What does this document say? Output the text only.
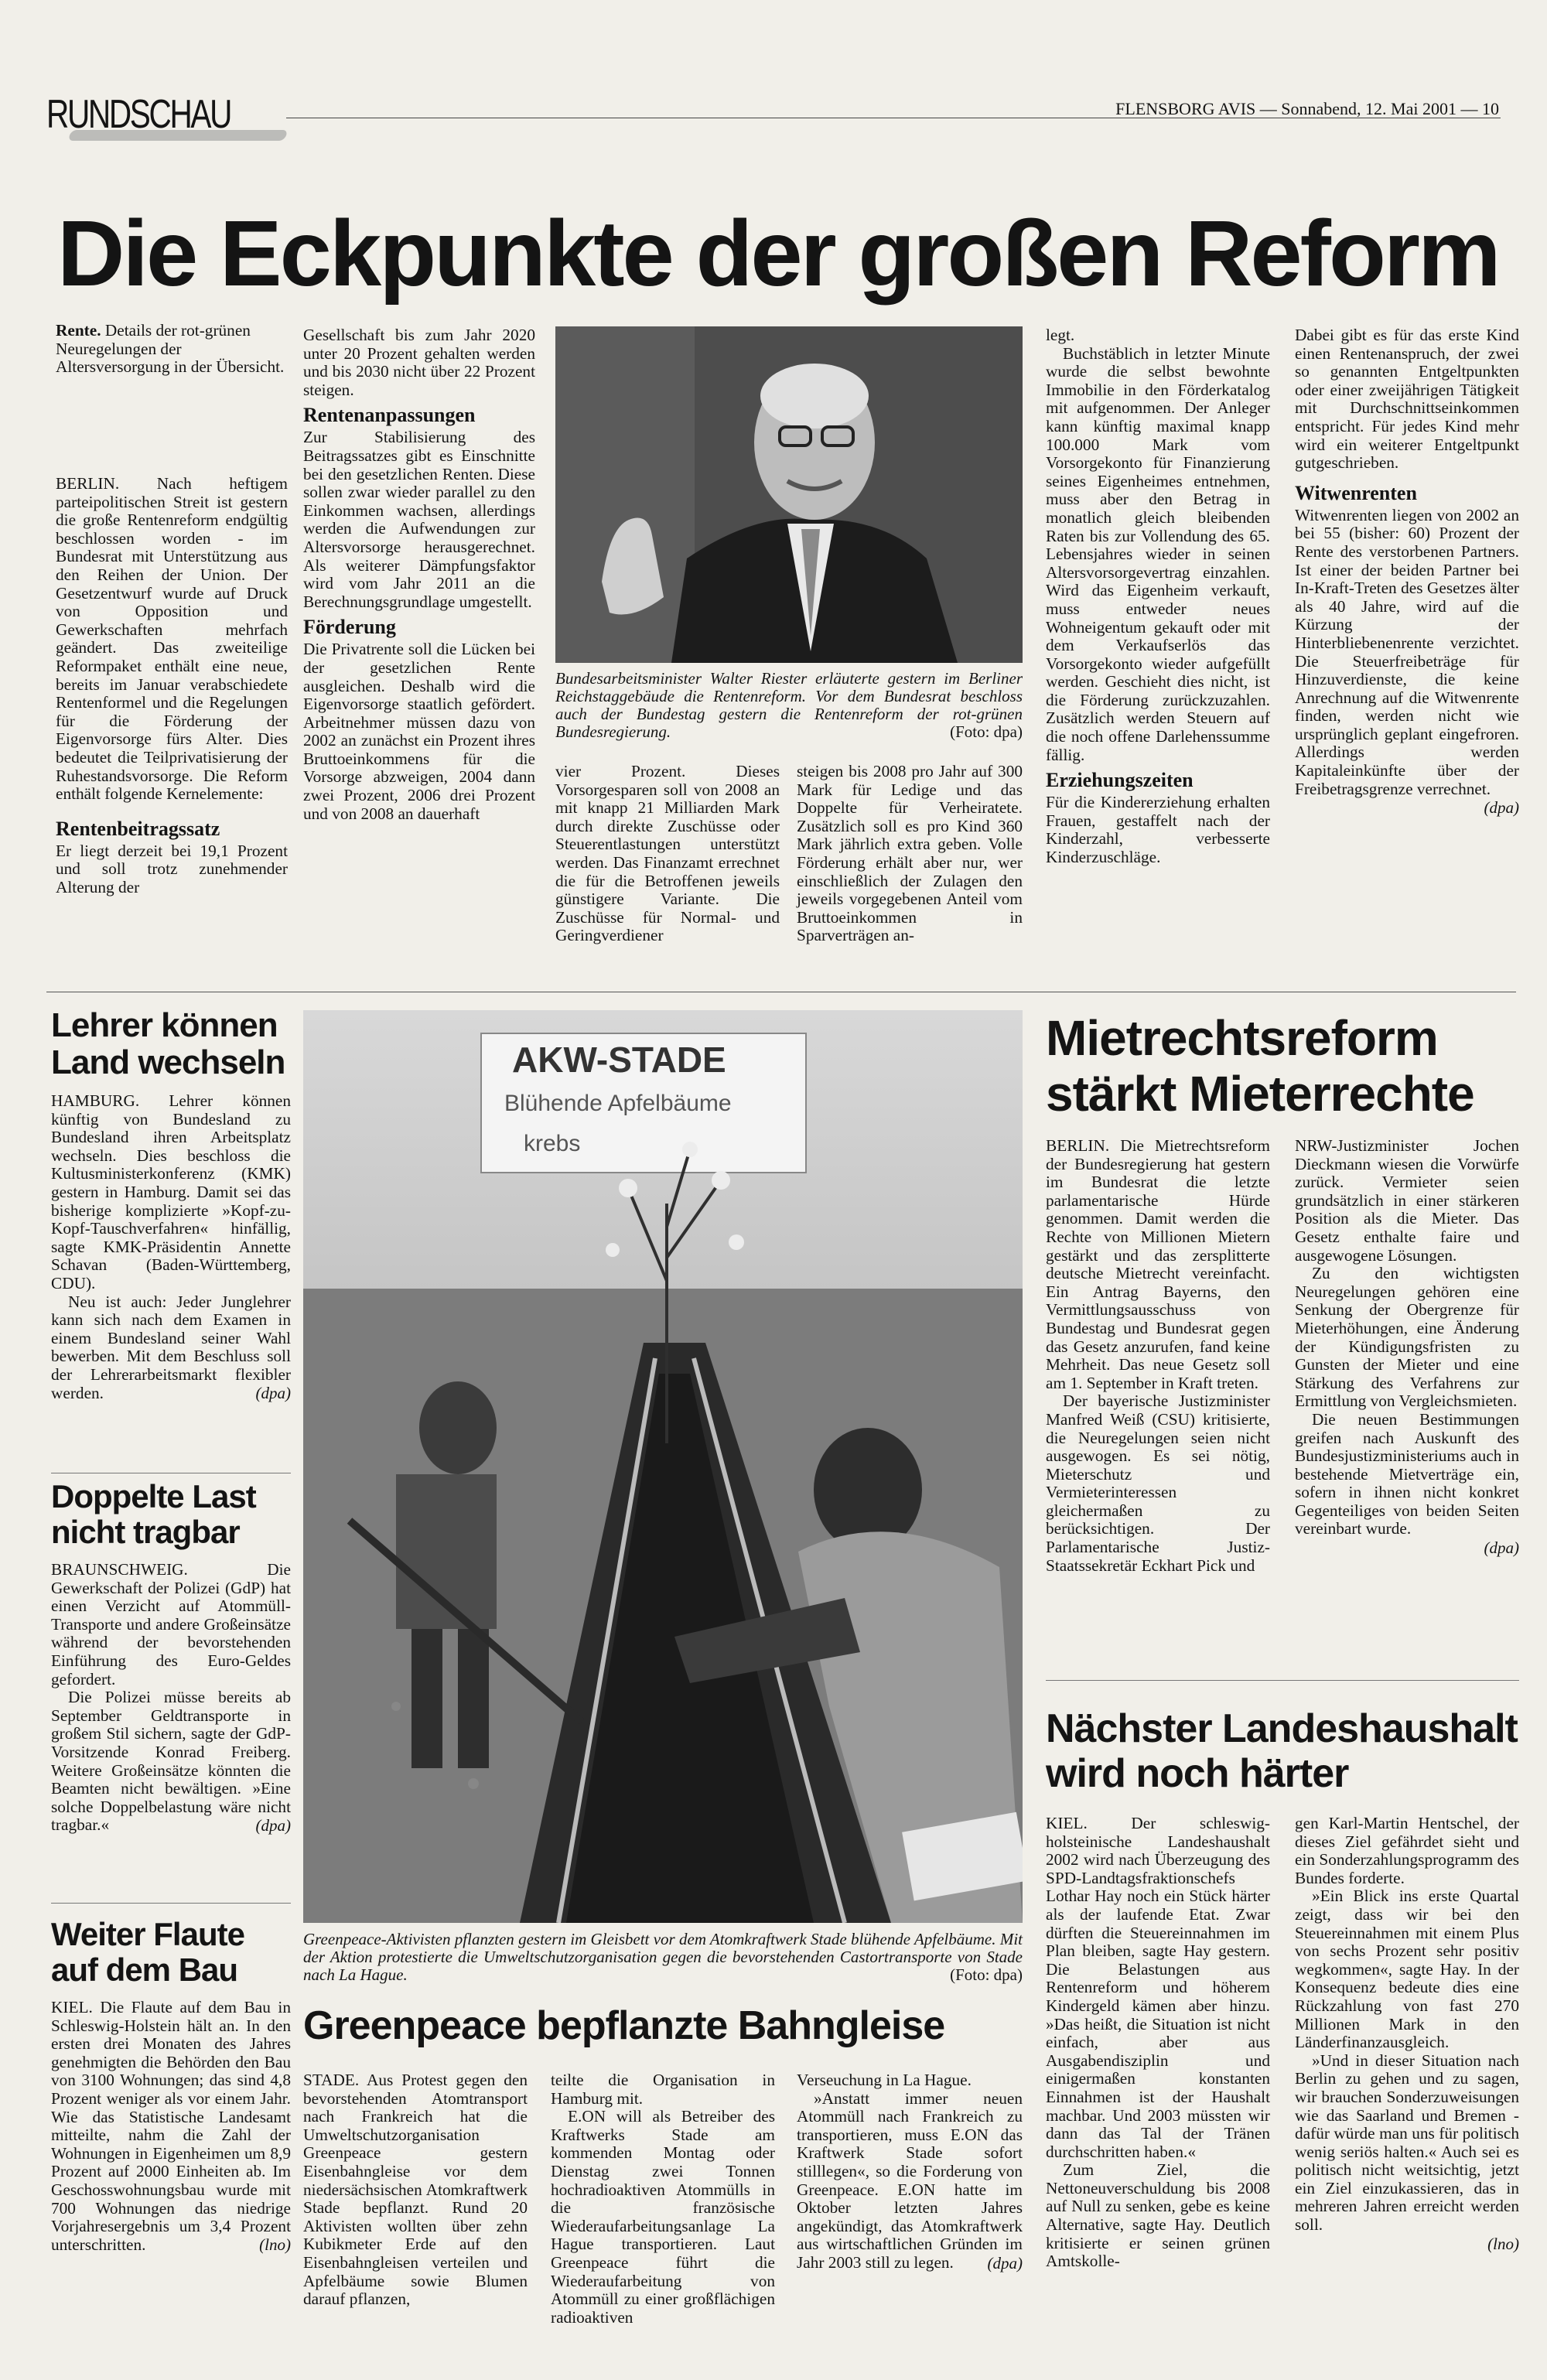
RUNDSCHAU	FLENSBORG AVIS — Sonnabend, 12. Mai 2001 — 10
Die Eckpunkte der großen Reform

Rente. Details der rot-grünen Neuregelungen der Altersversorgung in der Übersicht.

BERLIN. Nach heftigem parteipolitischen Streit ist gestern die große Rentenreform endgültig beschlossen worden - im Bundesrat mit Unterstützung aus den Reihen der Union. Der Gesetzentwurf wurde auf Druck von Opposition und Gewerkschaften mehrfach geändert. Das zweiteilige Reformpaket enthält eine neue, bereits im Januar verabschiedete Rentenformel und die Regelungen für die Förderung der Eigenvorsorge fürs Alter. Dies bedeutet die Teilprivatisierung der Ruhestandsvorsorge. Die Reform enthält folgende Kernelemente:

Rentenbeitragssatz

Er liegt derzeit bei 19,1 Prozent und soll trotz zunehmender Alterung der

Gesellschaft bis zum Jahr 2020 unter 20 Prozent gehalten werden und bis 2030 nicht über 22 Prozent steigen.

Rentenanpassungen

Zur Stabilisierung des Beitragssatzes gibt es Einschnitte bei den gesetzlichen Renten. Diese sollen zwar wieder parallel zu den Einkommen wachsen, allerdings werden die Aufwendungen zur Altersvorsorge herausgerechnet. Als weiterer Dämpfungsfaktor wird vom Jahr 2011 an die Berechnungsgrundlage umgestellt.

Förderung

Die Privatrente soll die Lücken bei der gesetzlichen Rente ausgleichen. Deshalb wird die Eigenvorsorge staatlich gefördert. Arbeitnehmer müssen dazu von 2002 an zunächst ein Prozent ihres Bruttoeinkommens für die Vorsorge abzweigen, 2004 dann zwei Prozent, 2006 drei Prozent und von 2008 an dauerhaft

Bundesarbeitsminister Walter Riester erläuterte gestern im Berliner Reichstaggebäude die Rentenreform. Vor dem Bundesrat beschloss auch der Bundestag gestern die Rentenreform der rot-grünen Bundesregierung.	(Foto: dpa)

vier Prozent. Dieses Vorsorgesparen soll von 2008 an mit knapp 21 Milliarden Mark durch direkte Zuschüsse oder Steuerentlastungen unterstützt werden. Das Finanzamt errechnet die für die Betroffenen jeweils günstigere Variante. Die Zuschüsse für Normal- und Geringverdiener

steigen bis 2008 pro Jahr auf 300 Mark für Ledige und das Doppelte für Verheiratete. Zusätzlich soll es pro Kind 360 Mark jährlich extra geben. Volle Förderung erhält aber nur, wer einschließlich der Zulagen den jeweils vorgegebenen Anteil vom Bruttoeinkommen in Sparverträgen an-

legt.

Buchstäblich in letzter Minute wurde die selbst bewohnte Immobilie in den Förderkatalog mit aufgenommen. Der Anleger kann künftig maximal knapp 100.000 Mark vom Vorsorgekonto für Finanzierung seines Eigenheimes entnehmen, muss aber den Betrag in monatlich gleich bleibenden Raten bis zur Vollendung des 65. Lebensjahres wieder in seinen Altersvorsorgevertrag einzahlen. Wird das Eigenheim verkauft, muss entweder neues Wohneigentum gekauft oder mit dem Verkaufserlös das Vorsorgekonto wieder aufgefüllt werden. Geschieht dies nicht, ist die Förderung zurückzuzahlen. Zusätzlich werden Steuern auf die noch offene Darlehenssumme fällig.

Erziehungszeiten

Für die Kindererziehung erhalten Frauen, gestaffelt nach der Kinderzahl, verbesserte Kinderzuschläge.

Dabei gibt es für das erste Kind einen Rentenanspruch, der zwei so genannten Entgeltpunkten oder einer zweijährigen Tätigkeit mit Durchschnittseinkommen entspricht. Für jedes Kind mehr wird ein weiterer Entgeltpunkt gutgeschrieben.

Witwenrenten

Witwenrenten liegen von 2002 an bei 55 (bisher: 60) Prozent der Rente des verstorbenen Partners. Ist einer der beiden Partner bei In-Kraft-Treten des Gesetzes älter als 40 Jahre, wird auf die Kürzung der Hinterbliebenenrente verzichtet. Die Steuerfreibeträge für Hinzuverdienste, die keine Anrechnung auf die Witwenrente finden, werden nicht wie ursprünglich geplant eingefroren. Allerdings werden Kapitaleinkünfte über der Freibetragsgrenze verrechnet.

(dpa)
Lehrer können Land wechseln

HAMBURG. Lehrer können künftig von Bundesland zu Bundesland ihren Arbeitsplatz wechseln. Dies beschloss die Kultusministerkonferenz (KMK) gestern in Hamburg. Damit sei das bisherige komplizierte »Kopf-zu-Kopf-Tauschverfahren« hinfällig, sagte KMK-Präsidentin Annette Schavan (Baden-Württemberg, CDU).

Neu ist auch: Jeder Junglehrer kann sich nach dem Examen in einem Bundesland seiner Wahl bewerben. Mit dem Beschluss soll der Lehrerarbeitsmarkt flexibler werden.	(dpa)
Doppelte Last nicht tragbar

BRAUNSCHWEIG. Die Gewerkschaft der Polizei (GdP) hat einen Verzicht auf Atommüll-Transporte und andere Großeinsätze während der bevorstehenden Einführung des Euro-Geldes gefordert.

Die Polizei müsse bereits ab September Geldtransporte in großem Stil sichern, sagte der GdP-Vorsitzende Konrad Freiberg. Weitere Großeinsätze könnten die Beamten nicht bewältigen. »Eine solche Doppelbelastung wäre nicht tragbar.«	(dpa)
Weiter Flaute auf dem Bau

KIEL. Die Flaute auf dem Bau in Schleswig-Holstein hält an. In den ersten drei Monaten des Jahres genehmigten die Behörden den Bau von 3100 Wohnungen; das sind 4,8 Prozent weniger als vor einem Jahr. Wie das Statistische Landesamt mitteilte, nahm die Zahl der Wohnungen in Eigenheimen um 8,9 Prozent auf 2000 Einheiten ab. Im Geschosswohnungsbau wurde mit 700 Wohnungen das niedrige Vorjahresergebnis um 3,4 Prozent unterschritten.	(lno)
AKW-STADE
Blühende Apfelbäume
krebs
Greenpeace-Aktivisten pflanzten gestern im Gleisbett vor dem Atomkraftwerk Stade blühende Apfelbäume. Mit der Aktion protestierte die Umweltschutzorganisation gegen die bevorstehenden Castortransporte von Stade nach La Hague.	(Foto: dpa)
Greenpeace bepflanzte Bahngleise

STADE. Aus Protest gegen den bevorstehenden Atomtransport nach Frankreich hat die Umweltschutzorganisation Greenpeace gestern Eisenbahngleise vor dem niedersächsischen Atomkraftwerk Stade bepflanzt. Rund 20 Aktivisten wollten über zehn Kubikmeter Erde auf den Eisenbahngleisen verteilen und Apfelbäume sowie Blumen darauf pflanzen,

teilte die Organisation in Hamburg mit.

E.ON will als Betreiber des Kraftwerks Stade am kommenden Montag oder Dienstag zwei Tonnen hochradioaktiven Atommülls in die französische Wiederaufarbeitungsanlage La Hague transportieren. Laut Greenpeace führt die Wiederaufarbeitung von Atommüll zu einer großflächigen radioaktiven

Verseuchung in La Hague.

»Anstatt immer neuen Atommüll nach Frankreich zu transportieren, muss E.ON das Kraftwerk Stade sofort stilllegen«, so die Forderung von Greenpeace. E.ON hatte im Oktober letzten Jahres angekündigt, das Atomkraftwerk aus wirtschaftlichen Gründen im Jahr 2003 still zu legen.	(dpa)
Mietrechtsreform stärkt Mieterrechte

BERLIN. Die Mietrechtsreform der Bundesregierung hat gestern im Bundesrat die letzte parlamentarische Hürde genommen. Damit werden die Rechte von Millionen Mietern gestärkt und das zersplitterte deutsche Mietrecht vereinfacht. Ein Antrag Bayerns, den Vermittlungsausschuss von Bundestag und Bundesrat gegen das Gesetz anzurufen, fand keine Mehrheit. Das neue Gesetz soll am 1. September in Kraft treten.

Der bayerische Justizminister Manfred Weiß (CSU) kritisierte, die Neuregelungen seien nicht ausgewogen. Es sei nötig, Mieterschutz und Vermieterinteressen gleichermaßen zu berücksichtigen. Der Parlamentarische Justiz-Staatssekretär Eckhart Pick und

NRW-Justizminister Jochen Dieckmann wiesen die Vorwürfe zurück. Vermieter seien grundsätzlich in einer stärkeren Position als die Mieter. Das Gesetz enthalte faire und ausgewogene Lösungen.

Zu den wichtigsten Neuregelungen gehören eine Senkung der Obergrenze für Mieterhöhungen, eine Änderung der Kündigungsfristen zu Gunsten der Mieter und eine Stärkung des Verfahrens zur Ermittlung von Vergleichsmieten.

Die neuen Bestimmungen greifen nach Auskunft des Bundesjustizministeriums auch in bestehende Mietverträge ein, sofern in ihnen nicht konkret Gegenteiliges von beiden Seiten vereinbart wurde.

(dpa)
Nächster Landeshaushalt wird noch härter

KIEL. Der schleswig-holsteinische Landeshaushalt 2002 wird nach Überzeugung des SPD-Landtagsfraktionschefs Lothar Hay noch ein Stück härter als der laufende Etat. Zwar dürften die Steuereinnahmen im Plan bleiben, sagte Hay gestern. Die Belastungen aus Rentenreform und höherem Kindergeld kämen aber hinzu. »Das heißt, die Situation ist nicht einfach, aber aus Ausgabendisziplin und einigermaßen konstanten Einnahmen ist der Haushalt machbar. Und 2003 müssten wir dann das Tal der Tränen durchschritten haben.«

Zum Ziel, die Nettoneuverschuldung bis 2008 auf Null zu senken, gebe es keine Alternative, sagte Hay. Deutlich kritisierte er seinen grünen Amtskolle-

gen Karl-Martin Hentschel, der dieses Ziel gefährdet sieht und ein Sonderzahlungsprogramm des Bundes forderte.

»Ein Blick ins erste Quartal zeigt, dass wir bei den Steuereinnahmen mit einem Plus von sechs Prozent sehr positiv wegkommen«, sagte Hay. In der Konsequenz bedeute dies eine Rückzahlung von fast 270 Millionen Mark in den Länderfinanzausgleich.

»Und in dieser Situation nach Berlin zu gehen und zu sagen, wir brauchen Sonderzuweisungen wie das Saarland und Bremen - dafür würde man uns für politisch wenig seriös halten.« Auch sei es politisch nicht weitsichtig, jetzt ein Ziel einzukassieren, das in mehreren Jahren erreicht werden soll.

(lno)
